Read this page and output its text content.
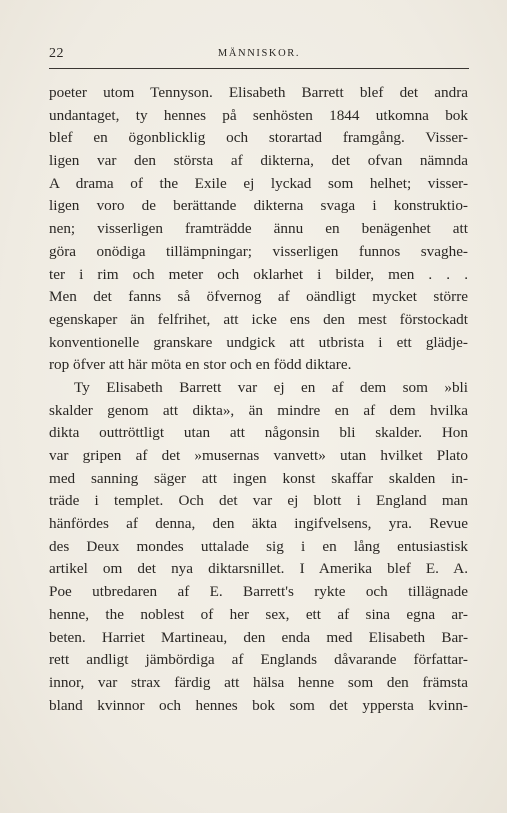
22	MÄNNISKOR.
poeter utom Tennyson. Elisabeth Barrett blef det andra
undantaget, ty hennes på senhösten 1844 utkomna bok
blef en ögonblicklig och storartad framgång. Visser-
ligen var den största af dikterna, det ofvan nämnda
A drama of the Exile ej lyckad som helhet; visser-
ligen voro de berättande dikterna svaga i konstruktio-
nen; visserligen framträdde ännu en benägenhet att
göra onödiga tillämpningar; visserligen funnos svaghe-
ter i rim och meter och oklarhet i bilder, men . . .
Men det fanns så öfvernog af oändligt mycket större
egenskaper än felfrihet, att icke ens den mest förstockadt
konventionelle granskare undgick att utbrista i ett glädje-
rop öfver att här möta en stor och en född diktare.
Ty Elisabeth Barrett var ej en af dem som »bli
skalder genom att dikta», än mindre en af dem hvilka
dikta outtröttligt utan att någonsin bli skalder. Hon
var gripen af det »musernas vanvett» utan hvilket Plato
med sanning säger att ingen konst skaffar skalden in-
träde i templet. Och det var ej blott i England man
hänfördes af denna, den äkta ingifvelsens, yra. Revue
des Deux mondes uttalade sig i en lång entusiastisk
artikel om det nya diktarsnillet. I Amerika blef E. A.
Poe utbredaren af E. Barrett's rykte och tillägnade
henne, the noblest of her sex, ett af sina egna ar-
beten. Harriet Martineau, den enda med Elisabeth Bar-
rett andligt jämbördiga af Englands dåvarande författar-
innor, var strax färdig att hälsa henne som den främsta
bland kvinnor och hennes bok som det yppersta kvinn-
